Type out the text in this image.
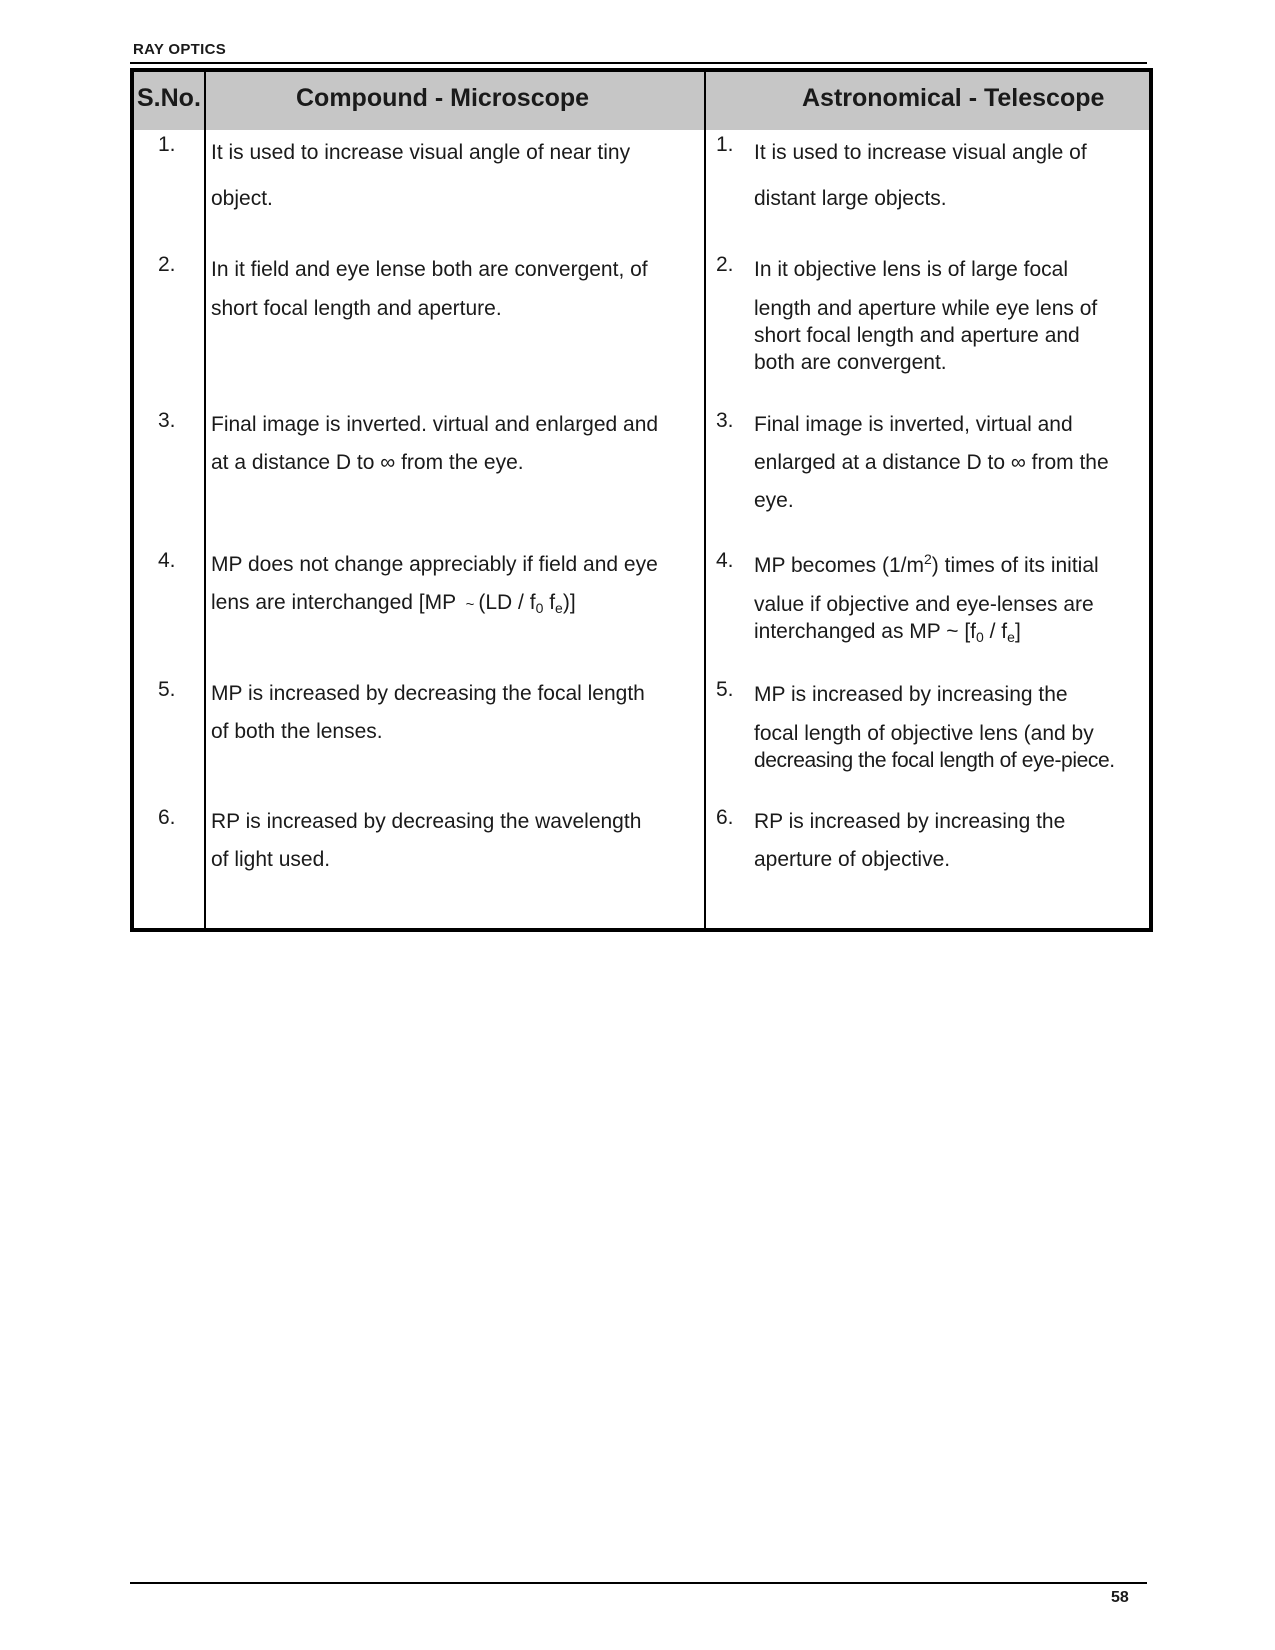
RAY OPTICS
S.No.	Compound - Microscope	Astronomical - Telescope
1. It is used to increase visual angle of near tiny

object.

1. It is used to increase visual angle of

distant large objects.

2. In it field and eye lense both are convergent, of

short focal length and aperture.

2. In it objective lens is of large focal

length and aperture while eye lens of

short focal length and aperture and

both are convergent.

3. Final image is inverted. virtual and enlarged and

at a distance D to ∞ from the eye.

3. Final image is inverted, virtual and

enlarged at a distance D to ∞ from the

eye.

4. MP does not change appreciably if field and eye

lens are interchanged [MP ~ ($LD / f_0$ $f_e$)]

4. MP becomes $(1/m^2)$ times of its initial

value if objective and eye-lenses are

interchanged as MP ~ $[f_0 / f_e]$

5. MP is increased by decreasing the focal length

of both the lenses.

5. MP is increased by increasing the

focal length of objective lens (and by

decreasing the focal length of eye-piece.

6. RP is increased by decreasing the wavelength

of light used.

6. RP is increased by increasing the

aperture of objective.

58
